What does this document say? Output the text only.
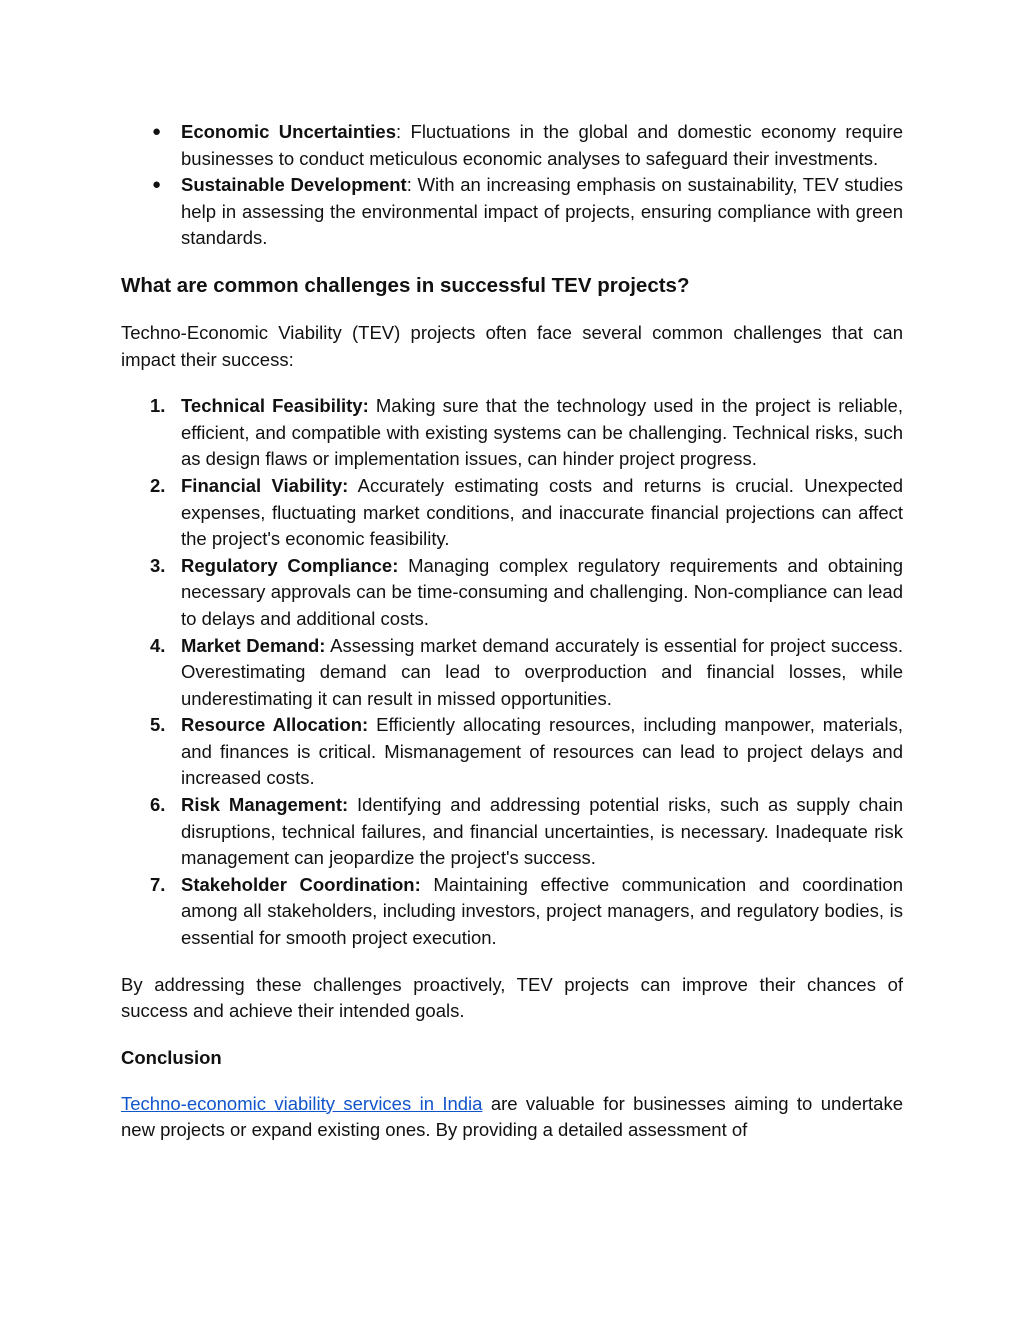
● Economic Uncertainties: Fluctuations in the global and domestic economy require businesses to conduct meticulous economic analyses to safeguard their investments.
● Sustainable Development: With an increasing emphasis on sustainability, TEV studies help in assessing the environmental impact of projects, ensuring compliance with green standards.
What are common challenges in successful TEV projects?

Techno-Economic Viability (TEV) projects often face several common challenges that can impact their success:

1. Technical Feasibility: Making sure that the technology used in the project is reliable, efficient, and compatible with existing systems can be challenging. Technical risks, such as design flaws or implementation issues, can hinder project progress.
2. Financial Viability: Accurately estimating costs and returns is crucial. Unexpected expenses, fluctuating market conditions, and inaccurate financial projections can affect the project's economic feasibility.
3. Regulatory Compliance: Managing complex regulatory requirements and obtaining necessary approvals can be time-consuming and challenging. Non-compliance can lead to delays and additional costs.
4. Market Demand: Assessing market demand accurately is essential for project success. Overestimating demand can lead to overproduction and financial losses, while underestimating it can result in missed opportunities.
5. Resource Allocation: Efficiently allocating resources, including manpower, materials, and finances is critical. Mismanagement of resources can lead to project delays and increased costs.
6. Risk Management: Identifying and addressing potential risks, such as supply chain disruptions, technical failures, and financial uncertainties, is necessary. Inadequate risk management can jeopardize the project's success.
7. Stakeholder Coordination: Maintaining effective communication and coordination among all stakeholders, including investors, project managers, and regulatory bodies, is essential for smooth project execution.

By addressing these challenges proactively, TEV projects can improve their chances of success and achieve their intended goals.

Conclusion

Techno-economic viability services in India are valuable for businesses aiming to undertake new projects or expand existing ones. By providing a detailed assessment of
